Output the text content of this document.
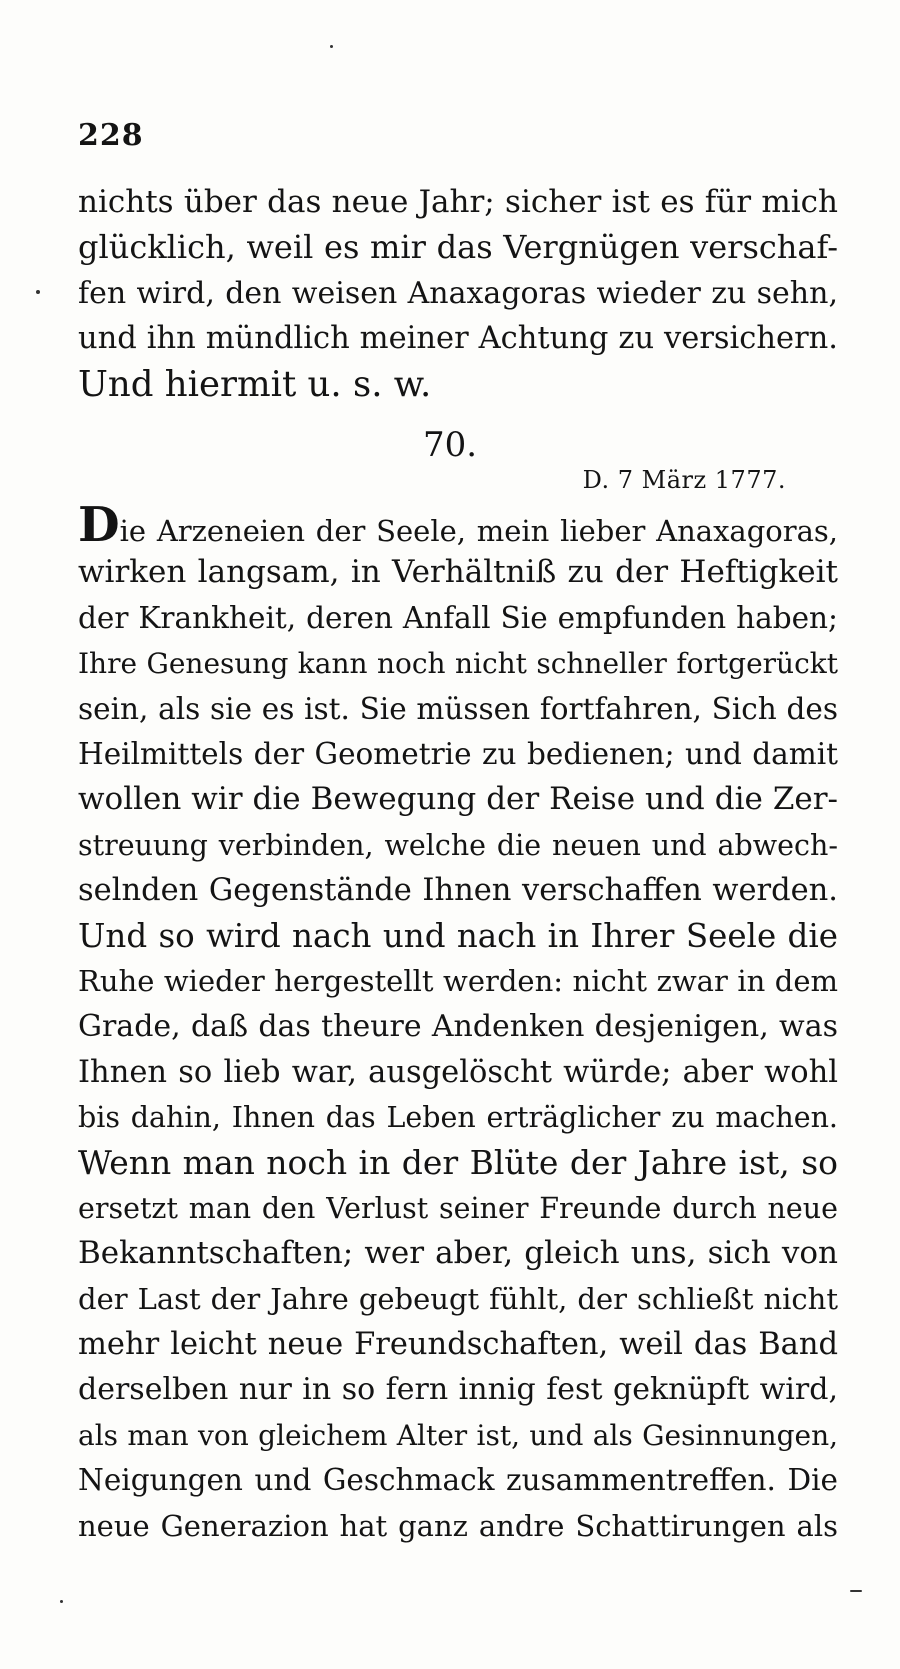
228
nichts über das neue Jahr; sicher ist es für mich
glücklich, weil es mir das Vergnügen verschaf-
fen wird, den weisen Anaxagoras wieder zu sehn,
und ihn mündlich meiner Achtung zu versichern.
Und hiermit u. s. w.
70.
D. 7 März 1777.
Die Arzeneien der Seele, mein lieber Anaxagoras,
wirken langsam, in Verhältniß zu der Heftigkeit
der Krankheit, deren Anfall Sie empfunden haben;
Ihre Genesung kann noch nicht schneller fortgerückt
sein, als sie es ist. Sie müssen fortfahren, Sich des
Heilmittels der Geometrie zu bedienen; und damit
wollen wir die Bewegung der Reise und die Zer-
streuung verbinden, welche die neuen und abwech-
selnden Gegenstände Ihnen verschaffen werden.
Und so wird nach und nach in Ihrer Seele die
Ruhe wieder hergestellt werden: nicht zwar in dem
Grade, daß das theure Andenken desjenigen, was
Ihnen so lieb war, ausgelöscht würde; aber wohl
bis dahin, Ihnen das Leben erträglicher zu machen.
Wenn man noch in der Blüte der Jahre ist, so
ersetzt man den Verlust seiner Freunde durch neue
Bekanntschaften; wer aber, gleich uns, sich von
der Last der Jahre gebeugt fühlt, der schließt nicht
mehr leicht neue Freundschaften, weil das Band
derselben nur in so fern innig fest geknüpft wird,
als man von gleichem Alter ist, und als Gesinnungen,
Neigungen und Geschmack zusammentreffen. Die
neue Generazion hat ganz andre Schattirungen als
